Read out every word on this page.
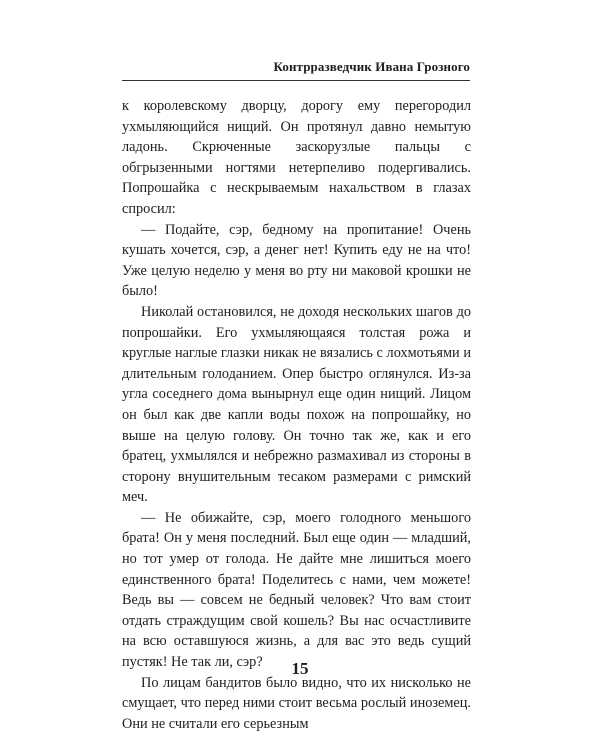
Контрразведчик Ивана Грозного

к королевскому дворцу, дорогу ему перегородил ухмыляющийся нищий. Он протянул давно немытую ладонь. Скрюченные заскорузлые пальцы с обгрызенными ногтями нетерпеливо подергивались. Попрошайка с нескрываемым нахальством в глазах спросил:

— Подайте, сэр, бедному на пропитание! Очень кушать хочется, сэр, а денег нет! Купить еду не на что! Уже целую неделю у меня во рту ни маковой крошки не было!

Николай остановился, не доходя нескольких шагов до попрошайки. Его ухмыляющаяся толстая рожа и круглые наглые глазки никак не вязались с лохмотьями и длительным голоданием. Опер быстро оглянулся. Из-за угла соседнего дома вынырнул еще один нищий. Лицом он был как две капли воды похож на попрошайку, но выше на целую голову. Он точно так же, как и его братец, ухмылялся и небрежно размахивал из стороны в сторону внушительным тесаком размерами с римский меч.

— Не обижайте, сэр, моего голодного меньшого брата! Он у меня последний. Был еще один — младший, но тот умер от голода. Не дайте мне лишиться моего единственного брата! Поделитесь с нами, чем можете! Ведь вы — совсем не бедный человек? Что вам стоит отдать страждущим свой кошель? Вы нас осчастливите на всю оставшуюся жизнь, а для вас это ведь сущий пустяк! Не так ли, сэр?

По лицам бандитов было видно, что их нисколько не смущает, что перед ними стоит весьма рослый иноземец. Они не считали его серьезным

15
